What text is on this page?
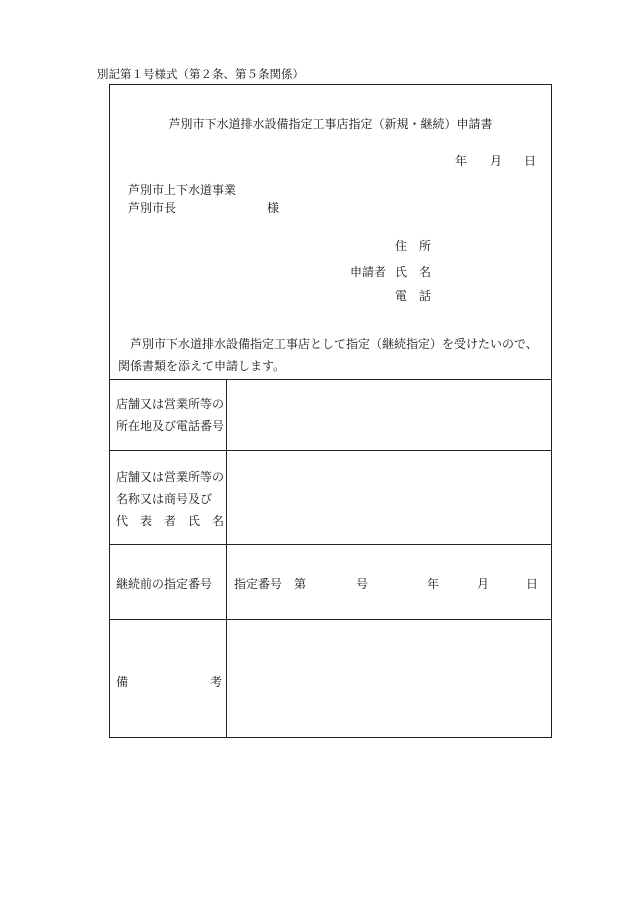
別記第１号様式（第２条、第５条関係）
芦別市下水道排水設備指定工事店指定（新規・継続）申請書
年 月 日
芦別市上下水道事業
芦別市長	様
住　所
申請者 氏　名
電　話
芦別市下水道排水設備指定工事店として指定（継続指定）を受けたいので、関係書類を添えて申請します。
店舗又は営業所等の
所在地及び電話番号
店舗又は営業所等の
名称又は商号及び
代　表　者　氏　名
継続前の指定番号 指定番号 第	号	年	月	日
備	考
